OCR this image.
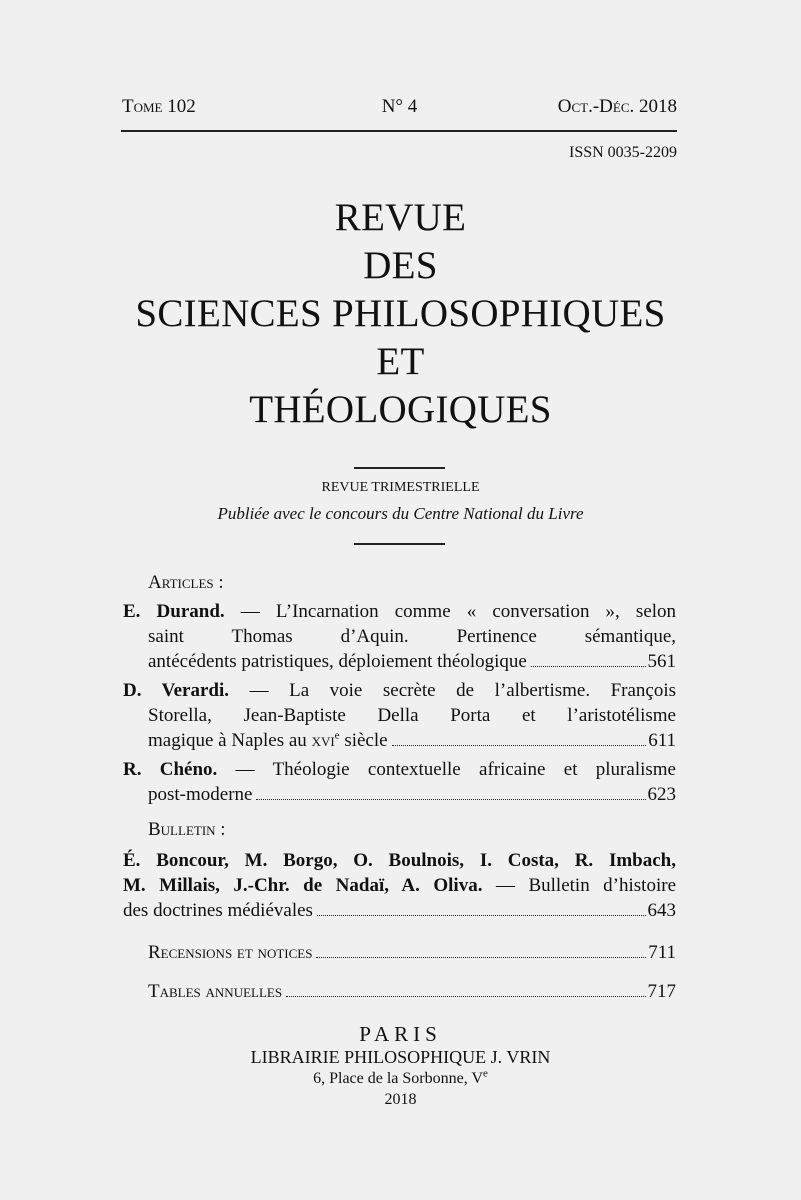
Tome 102	N° 4	Oct.-Déc. 2018
ISSN 0035-2209
REVUE
DES
SCIENCES PHILOSOPHIQUES
ET
THÉOLOGIQUES
REVUE TRIMESTRIELLE
Publiée avec le concours du Centre National du Livre
Articles :
E. Durand. — L’Incarnation comme « conversation », selon
saint Thomas d’Aquin. Pertinence sémantique,
antécédents patristiques, déploiement théologique	561
D. Verardi. — La voie secrète de l’albertisme. François
Storella, Jean-Baptiste Della Porta et l’aristotélisme
magique à Naples au xvi$^e$ siècle	611
R. Chéno. — Théologie contextuelle africaine et pluralisme
post-moderne	623
Bulletin :
É. Boncour, M. Borgo, O. Boulnois, I. Costa, R. Imbach,
M. Millais, J.-Chr. de Nadaï, A. Oliva. — Bulletin d’histoire
des doctrines médiévales	643
Recensions et notices	711
Tables annuelles	717
PARIS
LIBRAIRIE PHILOSOPHIQUE J. VRIN
6, Place de la Sorbonne, Ve
2018
